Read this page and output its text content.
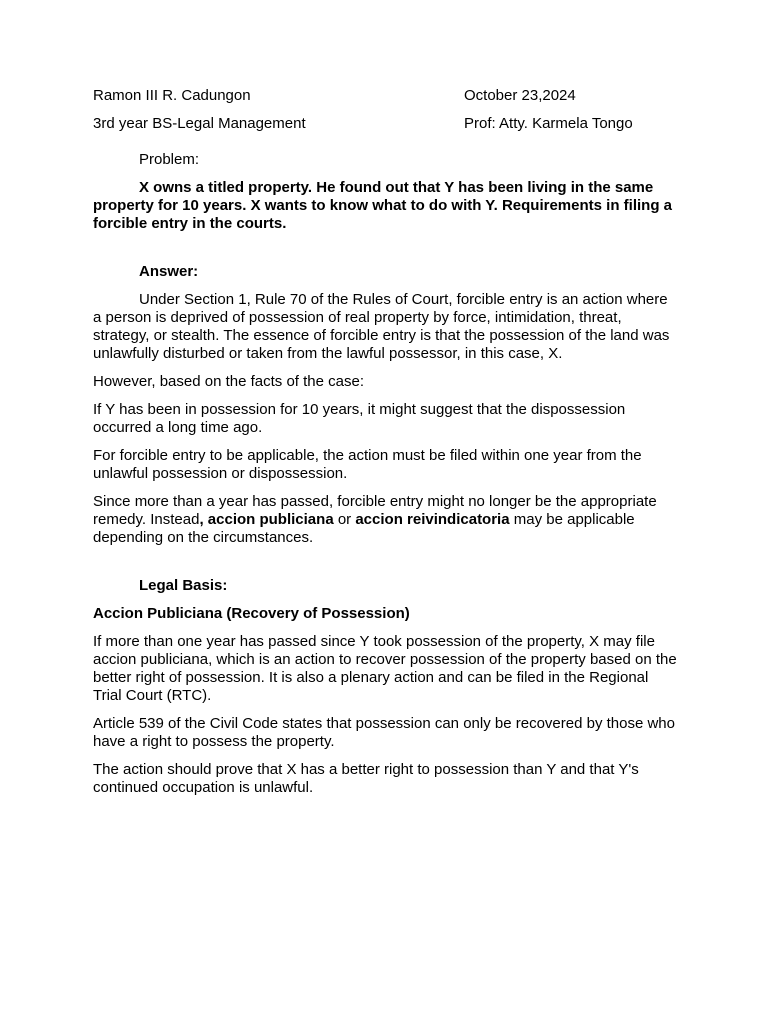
Ramon III R. Cadungon	October 23,2024
3rd year BS-Legal Management	Prof: Atty. Karmela Tongo

Problem:

X owns a titled property. He found out that Y has been living in the same property for 10 years. X wants to know what to do with Y. Requirements in filing a forcible entry in the courts.

Answer:

Under Section 1, Rule 70 of the Rules of Court, forcible entry is an action where a person is deprived of possession of real property by force, intimidation, threat, strategy, or stealth. The essence of forcible entry is that the possession of the land was unlawfully disturbed or taken from the lawful possessor, in this case, X.

However, based on the facts of the case:

If Y has been in possession for 10 years, it might suggest that the dispossession occurred a long time ago.

For forcible entry to be applicable, the action must be filed within one year from the unlawful possession or dispossession.

Since more than a year has passed, forcible entry might no longer be the appropriate remedy. Instead, accion publiciana or accion reivindicatoria may be applicable depending on the circumstances.

Legal Basis:

Accion Publiciana (Recovery of Possession)

If more than one year has passed since Y took possession of the property, X may file accion publiciana, which is an action to recover possession of the property based on the better right of possession. It is also a plenary action and can be filed in the Regional Trial Court (RTC).

Article 539 of the Civil Code states that possession can only be recovered by those who have a right to possess the property.

The action should prove that X has a better right to possession than Y and that Y's continued occupation is unlawful.
